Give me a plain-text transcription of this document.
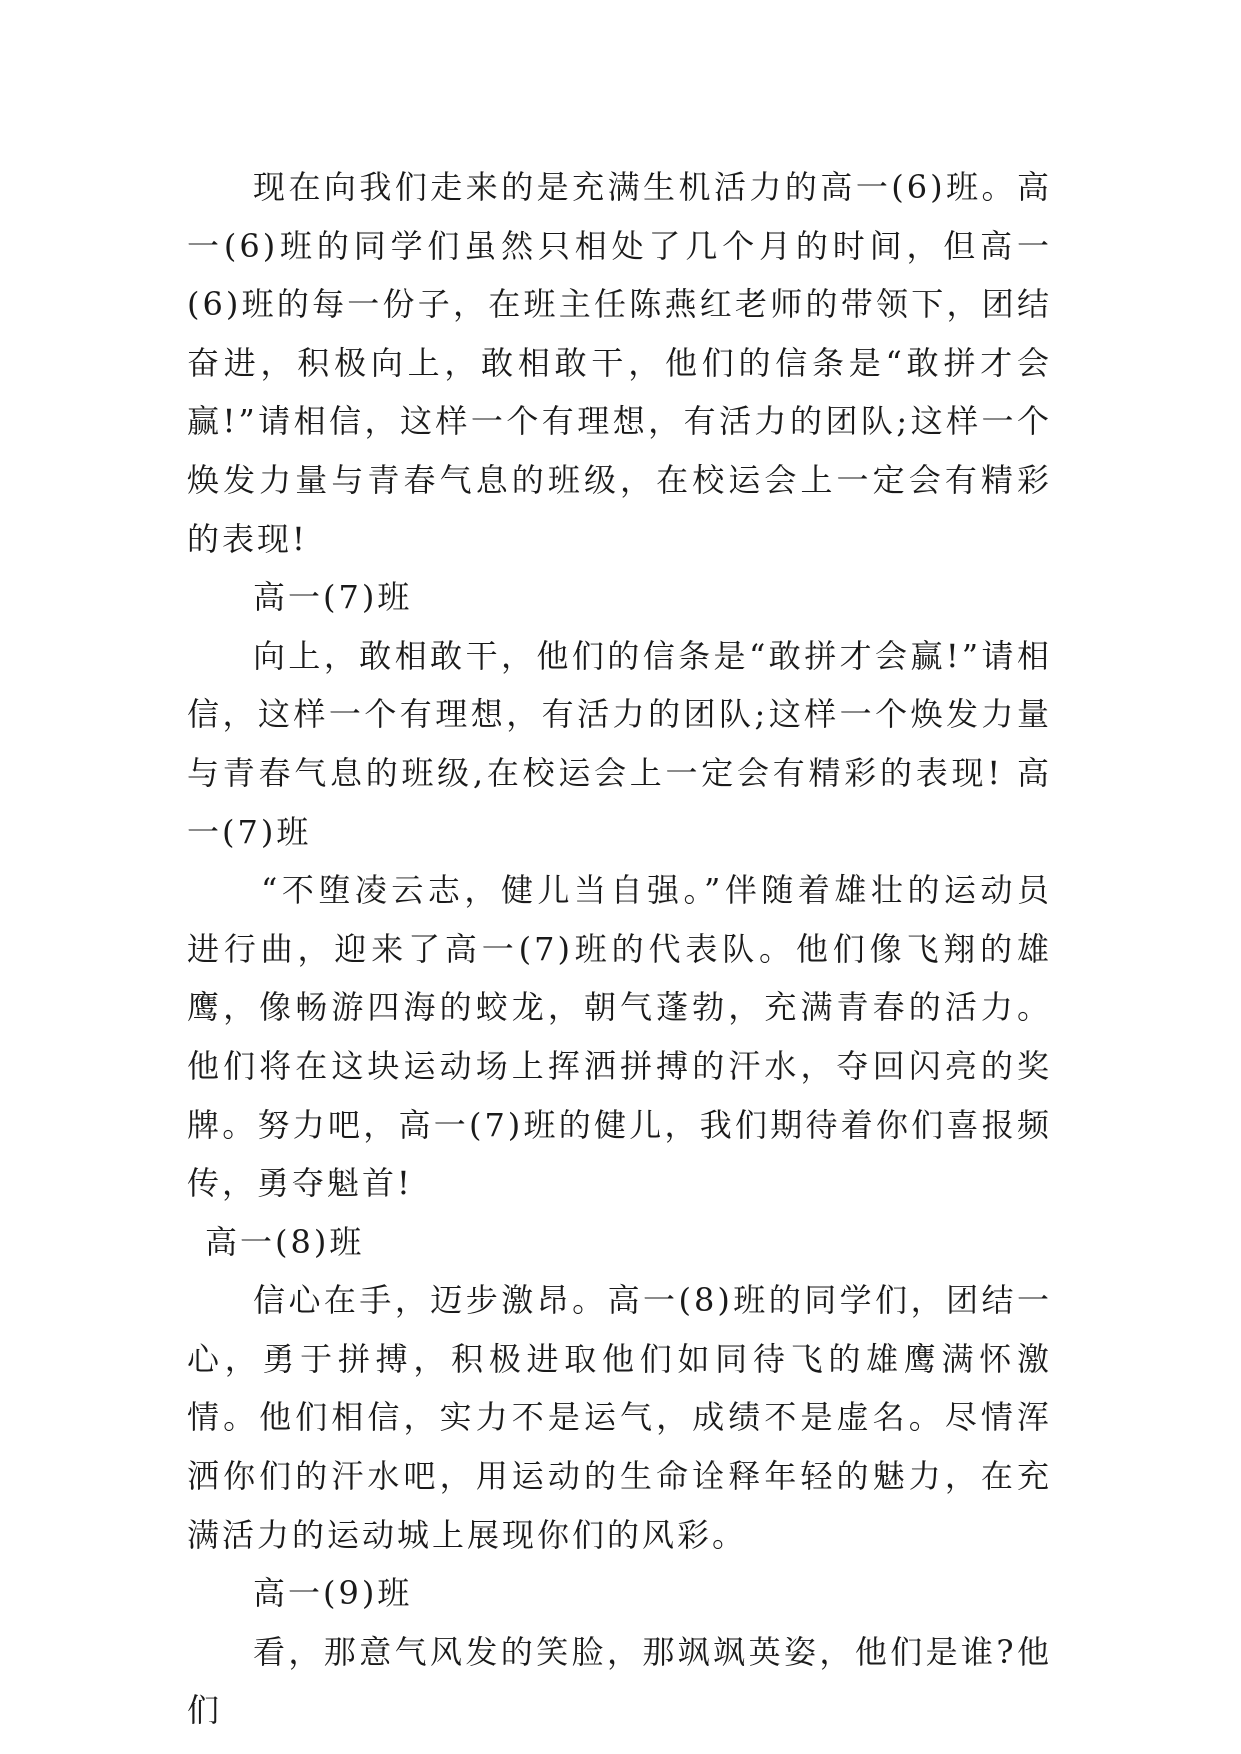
现在向我们走来的是充满生机活力的高一(6)班。高一(6)班的同学们虽然只相处了几个月的时间，但高一(6)班的每一份子，在班主任陈燕红老师的带领下，团结奋进，积极向上，敢相敢干，他们的信条是“敢拼才会赢!”请相信，这样一个有理想，有活力的团队;这样一个焕发力量与青春气息的班级，在校运会上一定会有精彩的表现!

高一(7)班

向上，敢相敢干，他们的信条是“敢拼才会赢!”请相信，这样一个有理想，有活力的团队;这样一个焕发力量与青春气息的班级,在校运会上一定会有精彩的表现! 高一(7)班

“不堕凌云志，健儿当自强。”伴随着雄壮的运动员进行曲，迎来了高一(7)班的代表队。他们像飞翔的雄鹰，像畅游四海的蛟龙，朝气蓬勃，充满青春的活力。他们将在这块运动场上挥洒拼搏的汗水，夺回闪亮的奖牌。努力吧，高一(7)班的健儿，我们期待着你们喜报频传，勇夺魁首!

高一(8)班

信心在手，迈步激昂。高一(8)班的同学们，团结一心，勇于拼搏，积极进取他们如同待飞的雄鹰满怀激情。他们相信，实力不是运气，成绩不是虚名。尽情浑洒你们的汗水吧，用运动的生命诠释年轻的魅力，在充满活力的运动城上展现你们的风彩。

高一(9)班

看，那意气风发的笑脸，那飒飒英姿，他们是谁?他们
